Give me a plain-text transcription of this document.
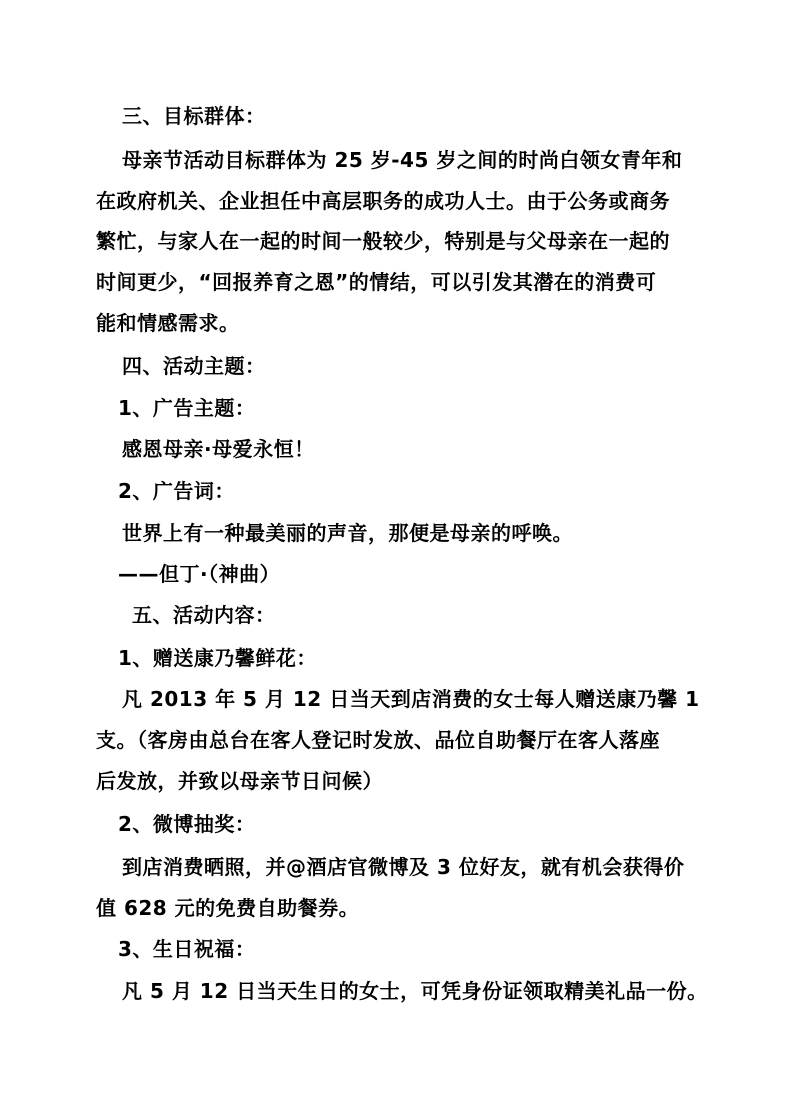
三、目标群体：
母亲节活动目标群体为 25 岁-45 岁之间的时尚白领女青年和
在政府机关、企业担任中高层职务的成功人士。由于公务或商务
繁忙，与家人在一起的时间一般较少，特别是与父母亲在一起的
时间更少，“回报养育之恩”的情结，可以引发其潜在的消费可
能和情感需求。
四、活动主题：
1、广告主题：
感恩母亲·母爱永恒！
2、广告词：
世界上有一种最美丽的声音，那便是母亲的呼唤。
——但丁·（神曲）
五、活动内容：
1、赠送康乃馨鲜花：
凡 2013 年 5 月 12 日当天到店消费的女士每人赠送康乃馨 1
支。（客房由总台在客人登记时发放、品位自助餐厅在客人落座
后发放，并致以母亲节日问候）
2、微博抽奖：
到店消费晒照，并@酒店官微博及 3 位好友，就有机会获得价
值 628 元的免费自助餐券。
3、生日祝福：
凡 5 月 12 日当天生日的女士，可凭身份证领取精美礼品一份。
